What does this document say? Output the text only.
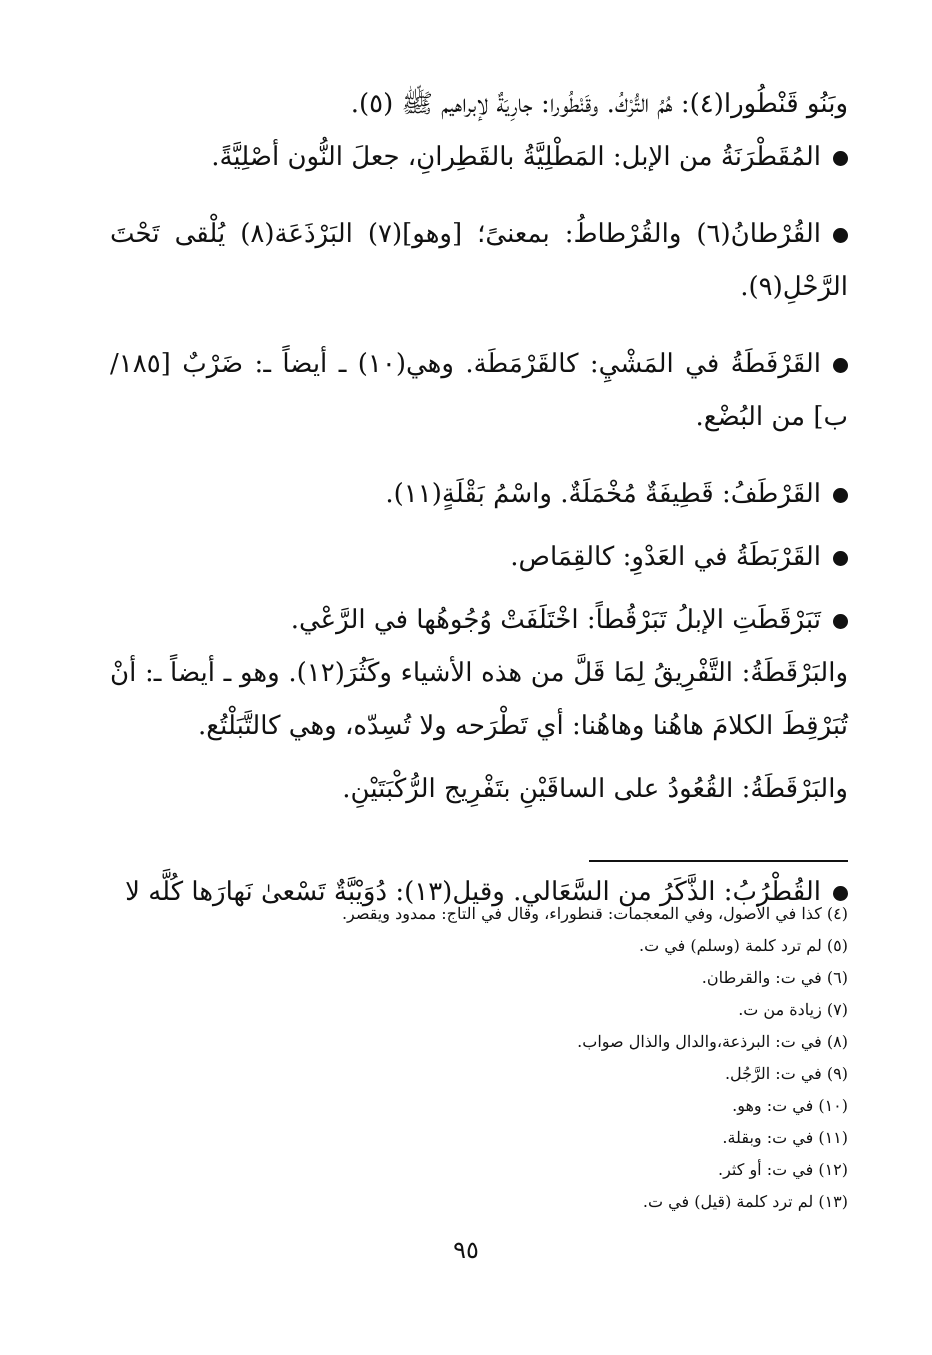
وبَنُو قَنْطُورا(٤): هُمُ التُّرْكُ. وقَنْطُورا: جارِيَةٌ لإبراهيم ﷺ (٥).

المُقَطْرَنَةُ من الإبل: المَطْلِيَّةُ بالقَطِرانِ، جعلَ النُّون أصْلِيَّةً.

القُرْطانُ(٦) والقُرْطاطُ: بمعنىً؛ [وهو](٧) البَرْذَعَة(٨) يُلْقى تَحْتَ الرَّحْلِ(٩).

القَرْفَطَةُ في المَشْيِ: كالقَرْمَطَة. وهي(١٠) ـ أيضاً ـ: ضَرْبٌ [١٨٥/ب] من البُضْع.

القَرْطَفُ: قَطِيفَةٌ مُخْمَلَةٌ. واسْمُ بَقْلَةٍ(١١).

القَرْبَطَةُ في العَدْوِ: كالقِمَاص.

تَبَرْقَطَتِ الإبلُ تَبَرْقُطاً: اخْتَلَفَتْ وُجُوهُها في الرَّعْي.

والبَرْقَطَةُ: التَّفْرِيقُ لِمَا قَلَّ من هذه الأشياء وكَثُرَ(١٢). وهو ـ أيضاً ـ: أنْ تُبَرْقِطَ الكلامَ هاهُنا وهاهُنا: أي تَطْرَحه ولا تُسِدّه، وهي كالتَّبَلْتُع.

والبَرْقَطَةُ: القُعُودُ على الساقَيْنِ بتَفْرِيج الرُّكْبَتَيْنِ.

القُطْرُبُ: الذَّكَرُ من السَّعَالي. وقيل(١٣): دُوَيْبَّةٌ تَسْعىٰ نَهارَها كُلَّه لا

(٤) كذا في الأصول، وفي المعجمات: قنطوراء، وقال في التاج: ممدود ويقصر.
(٥) لم ترد كلمة (وسلم) في ت.
(٦) في ت: والقرطان.
(٧) زيادة من ت.
(٨) في ت: البرذعة،والدال والذال صواب.
(٩) في ت: الرَّجُل.
(١٠) في ت: وهو.
(١١) في ت: وبقلة.
(١٢) في ت: أو كثر.
(١٣) لم ترد كلمة (قيل) في ت.
٩٥
